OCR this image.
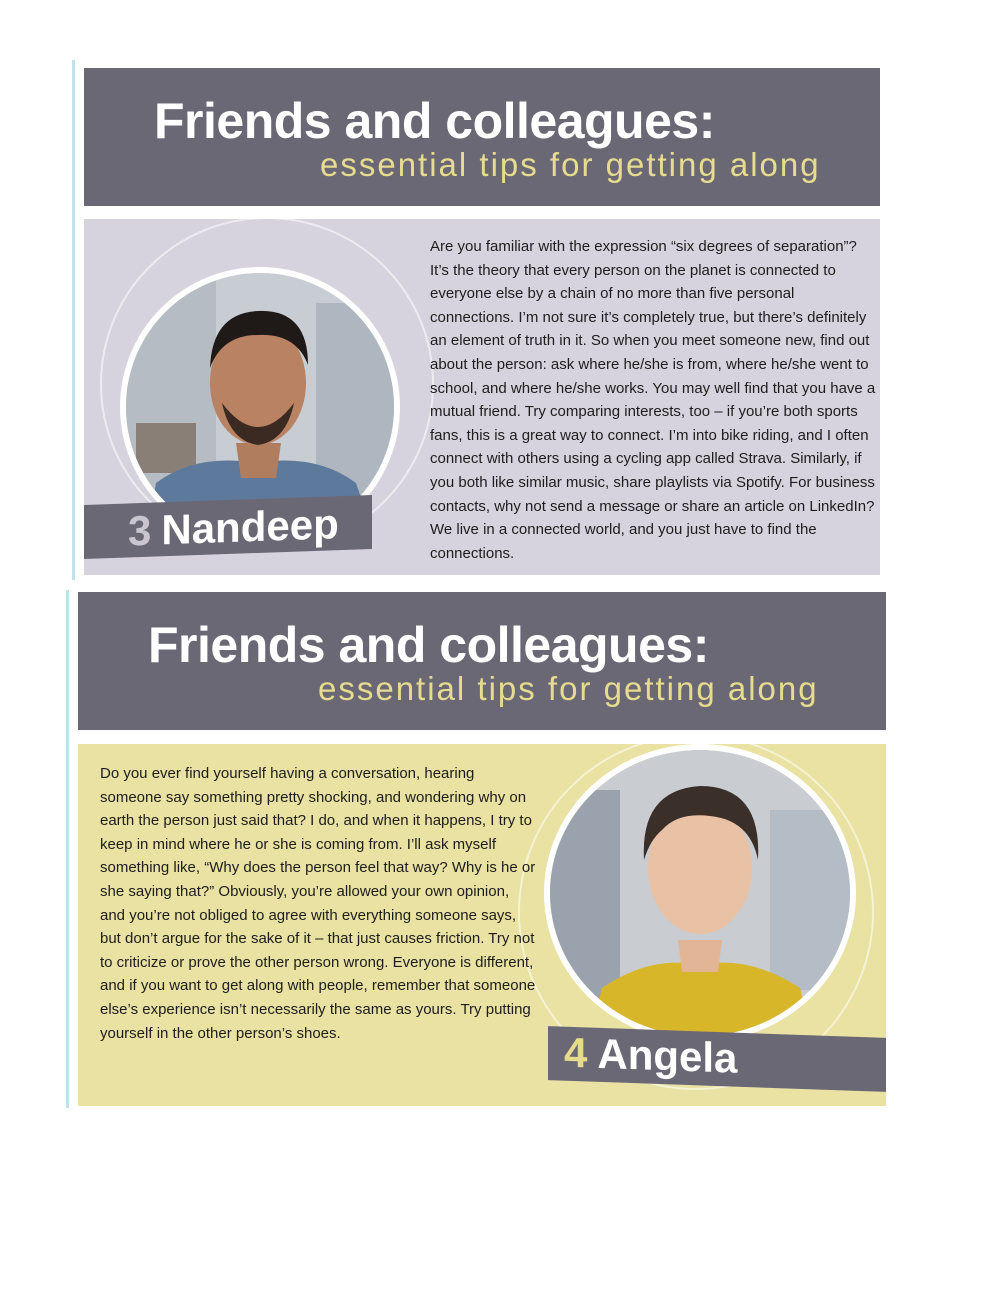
Friends and colleagues:
essential tips for getting along
Are you familiar with the expression “six degrees of separation”? It’s the theory that every person on the planet is connected to everyone else by a chain of no more than five personal connections. I’m not sure it’s completely true, but there’s definitely an element of truth in it. So when you meet someone new, find out about the person: ask where he/she is from, where he/she went to school, and where he/she works. You may well find that you have a mutual friend. Try comparing interests, too – if you’re both sports fans, this is a great way to connect. I’m into bike riding, and I often connect with others using a cycling app called Strava. Similarly, if you both like similar music, share playlists via Spotify. For business contacts, why not send a message or share an article on LinkedIn? We live in a connected world, and you just have to find the connections.
3 Nandeep
Friends and colleagues:
essential tips for getting along
Do you ever find yourself having a conversation, hearing someone say something pretty shocking, and wondering why on earth the person just said that? I do, and when it happens, I try to keep in mind where he or she is coming from. I’ll ask myself something like, “Why does the person feel that way? Why is he or she saying that?” Obviously, you’re allowed your own opinion, and you’re not obliged to agree with everything someone says, but don’t argue for the sake of it – that just causes friction. Try not to criticize or prove the other person wrong. Everyone is different, and if you want to get along with people, remember that someone else’s experience isn’t necessarily the same as yours. Try putting yourself in the other person’s shoes.	4 Angela
